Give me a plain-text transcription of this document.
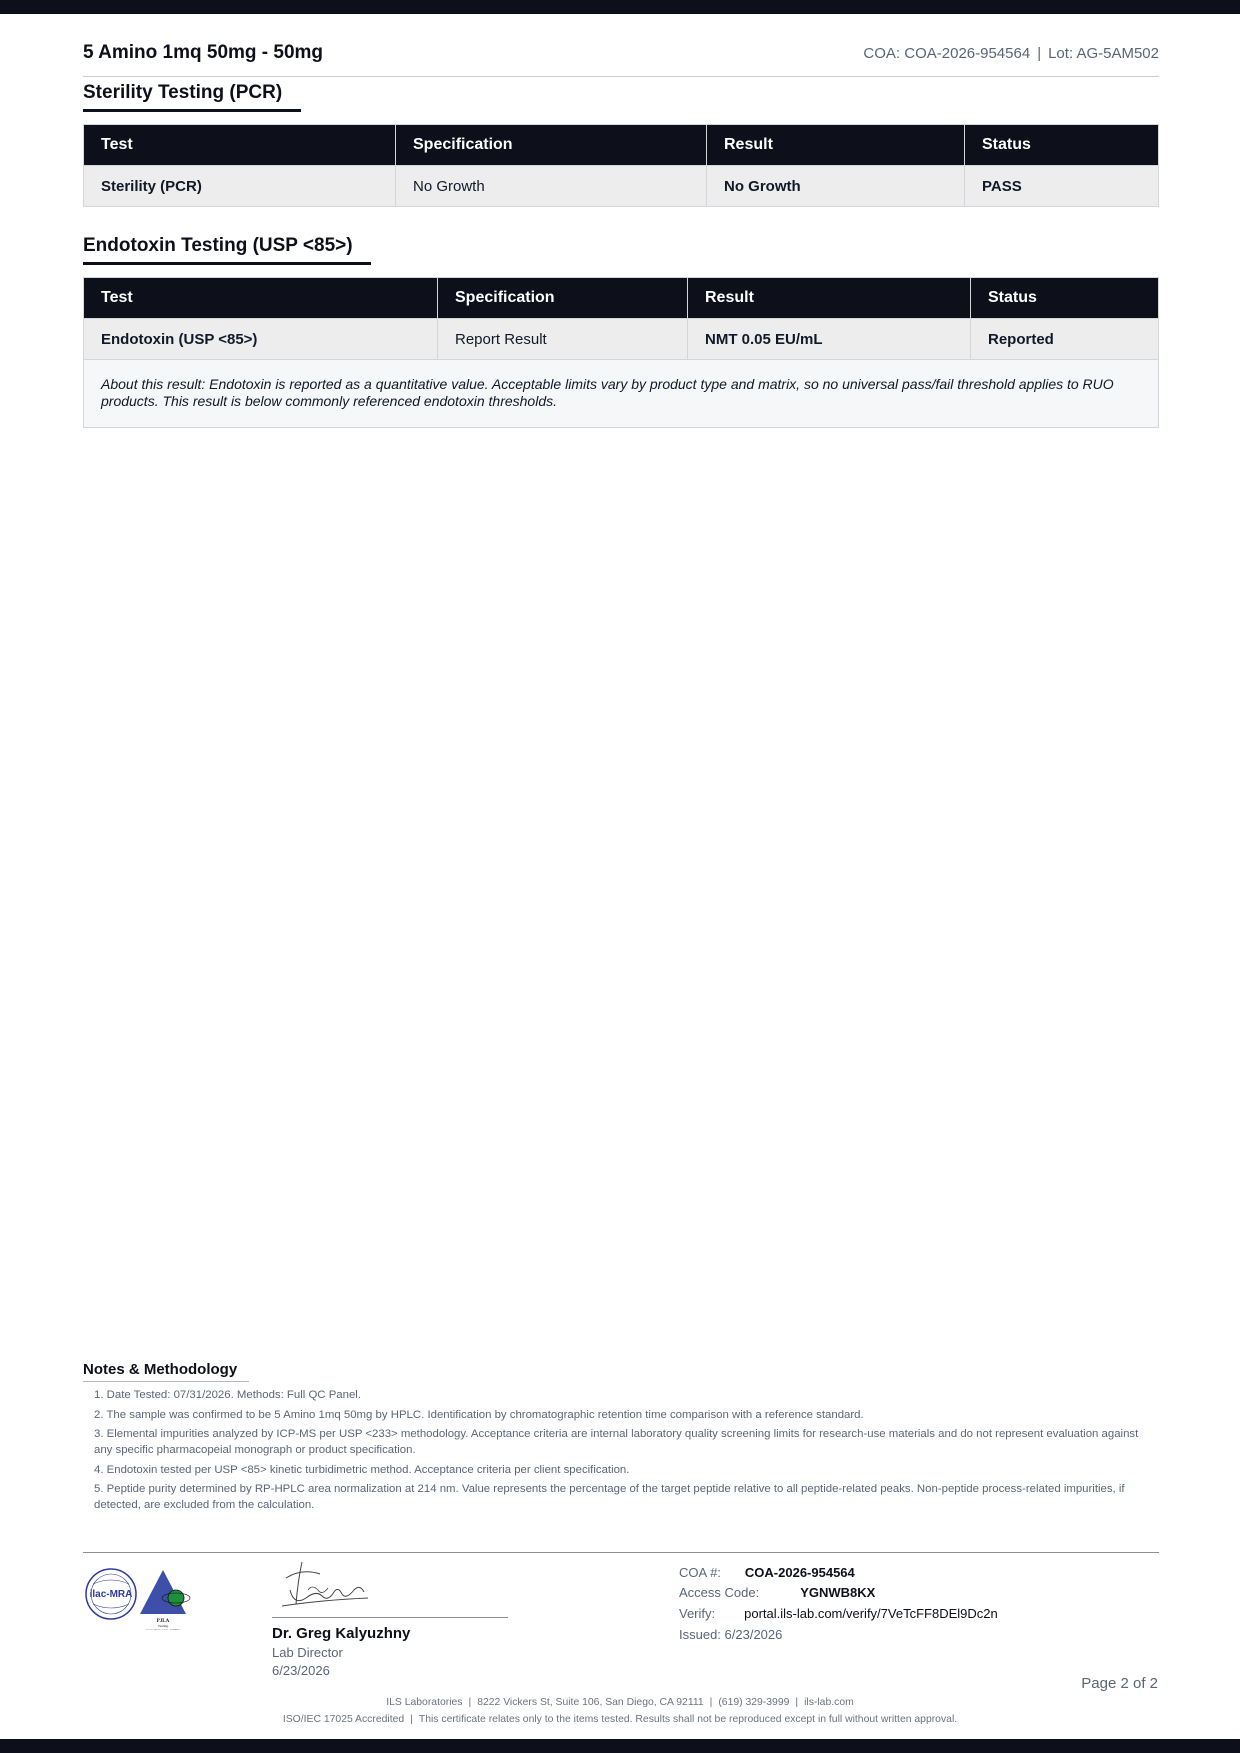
5 Amino 1mq 50mg - 50mg	COA: COA-2026-954564 | Lot: AG-5AM502
Sterility Testing (PCR)
Test	Specification	Result	Status
Sterility (PCR)	No Growth	No Growth	PASS
Endotoxin Testing (USP <85>)
Test	Specification	Result	Status
Endotoxin (USP <85>)	Report Result	NMT 0.05 EU/mL	Reported
About this result: Endotoxin is reported as a quantitative value. Acceptable limits vary by product type and matrix, so no universal pass/fail threshold applies to RUO products. This result is below commonly referenced endotoxin thresholds.			
Notes & Methodology
1. Date Tested: 07/31/2026. Methods: Full QC Panel.
2. The sample was confirmed to be 5 Amino 1mq 50mg by HPLC. Identification by chromatographic retention time comparison with a reference standard.
3. Elemental impurities analyzed by ICP-MS per USP <233> methodology. Acceptance criteria are internal laboratory quality screening limits for research-use materials and do not represent evaluation against any specific pharmacopeial monograph or product specification.
4. Endotoxin tested per USP <85> kinetic turbidimetric method. Acceptance criteria per client specification.
5. Peptide purity determined by RP-HPLC area normalization at 214 nm. Value represents the percentage of the target peptide relative to all peptide-related peaks. Non-peptide process-related impurities, if detected, are excluded from the calculation.
ilac-MRA
PJLA
Testing
Accreditation No. 109652	Dr. Greg Kalyuzhny
Lab Director
6/23/2026
COA #: COA-2026-954564
Access Code:	YGNWB8KX
Verify: portal.ils-lab.com/verify/7VeTcFF8DEl9Dc2n
Issued: 6/23/2026
Page 2 of 2
ILS Laboratories | 8222 Vickers St, Suite 106, San Diego, CA 92111 | (619) 329-3999 | ils-lab.com
ISO/IEC 17025 Accredited | This certificate relates only to the items tested. Results shall not be reproduced except in full without written approval.
